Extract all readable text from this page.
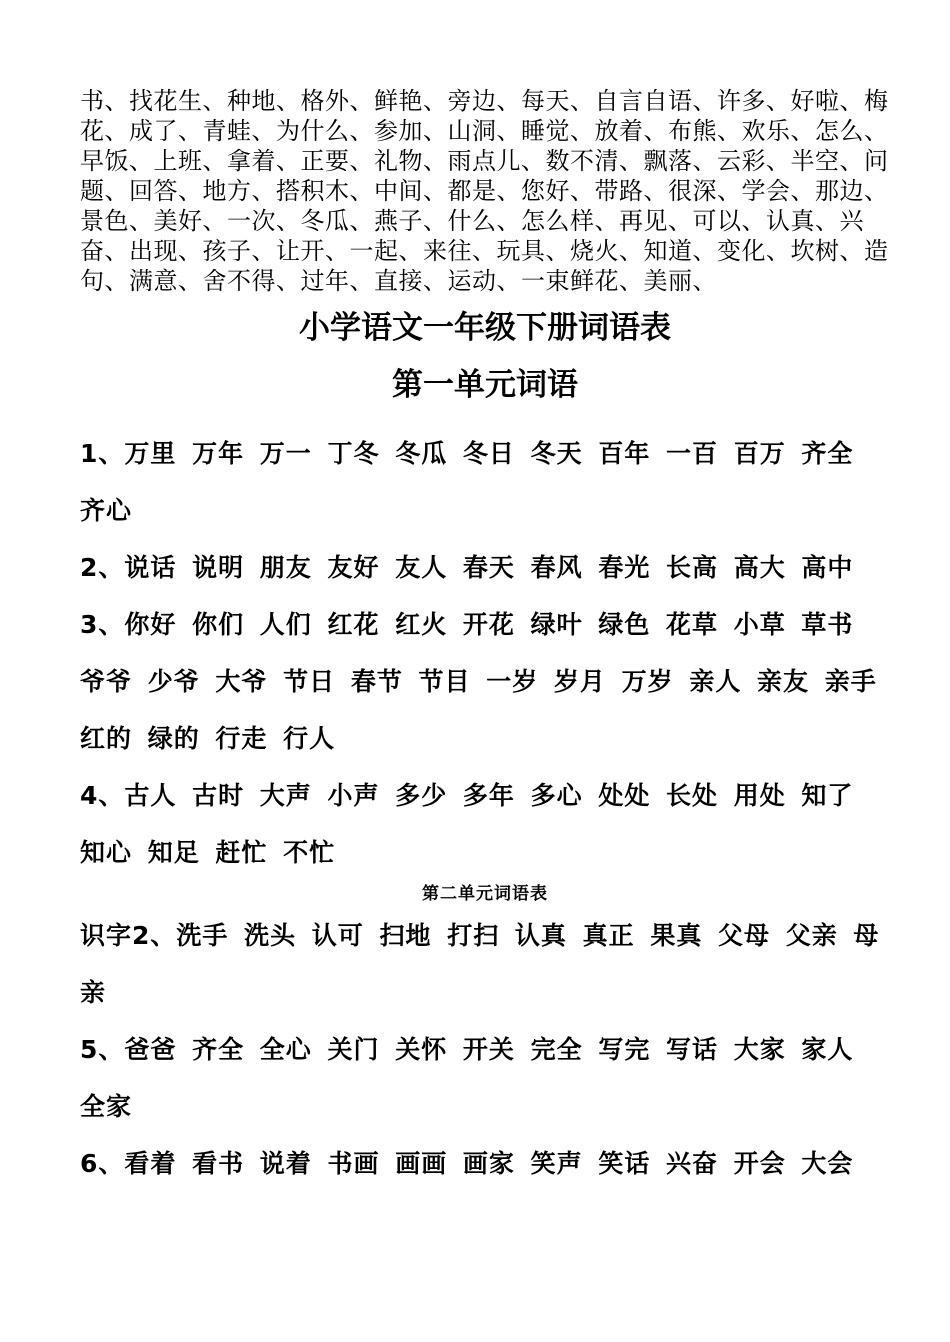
书、找花生、种地、格外、鲜艳、旁边、每天、自言自语、许多、好啦、梅花、成了、青蛙、为什么、参加、山洞、睡觉、放着、布熊、欢乐、怎么、早饭、上班、拿着、正要、礼物、雨点儿、数不清、飘落、云彩、半空、问题、回答、地方、搭积木、中间、都是、您好、带路、很深、学会、那边、景色、美好、一次、冬瓜、燕子、什么、怎么样、再见、可以、认真、兴奋、出现、孩子、让开、一起、来往、玩具、烧火、知道、变化、坎树、造句、满意、舍不得、过年、直接、运动、一束鲜花、美丽、

小学语文一年级下册词语表
第一单元词语

1、万里 万年 万一 丁冬 冬瓜 冬日 冬天 百年 一百 百万 齐全 齐心

2、说话 说明 朋友 友好 友人 春天 春风 春光 长高 高大 高中

3、你好 你们 人们 红花 红火 开花 绿叶 绿色 花草 小草 草书 爷爷 少爷 大爷 节日 春节 节目 一岁 岁月 万岁 亲人 亲友 亲手 红的 绿的 行走 行人

4、古人 古时 大声 小声 多少 多年 多心 处处 长处 用处 知了 知心 知足 赶忙 不忙

第二单元词语表

识字2、洗手 洗头 认可 扫地 打扫 认真 真正 果真 父母 父亲 母亲

5、爸爸 齐全 全心 关门 关怀 开关 完全 写完 写话 大家 家人 全家

6、看着 看书 说着 书画 画画 画家 笑声 笑话 兴奋 开会 大会
